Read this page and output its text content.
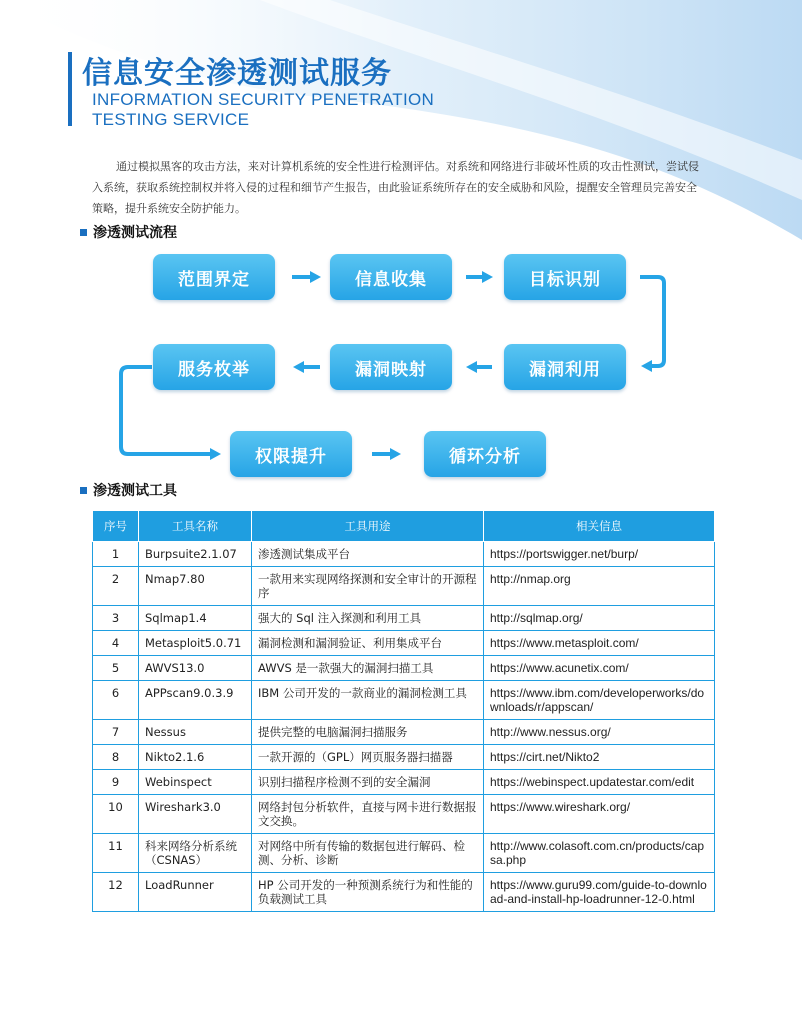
信息安全渗透测试服务
INFORMATION SECURITY PENETRATION
TESTING SERVICE
通过模拟黑客的攻击方法，来对计算机系统的安全性进行检测评估。对系统和网络进行非破坏性质的攻击性测试，尝试侵入系统，获取系统控制权并将入侵的过程和细节产生报告，由此验证系统所存在的安全威胁和风险，提醒安全管理员完善安全策略，提升系统安全防护能力。
渗透测试流程
范围界定	信息收集	目标识别
漏洞利用
漏洞映射
服务枚举
权限提升	循环分析
渗透测试工具
序号	工具名称	工具用途	相关信息
1	Burpsuite2.1.07	渗透测试集成平台	https://portswigger.net/burp/
2	Nmap7.80	一款用来实现网络探测和安全审计的开源程序	http://nmap.org
3	Sqlmap1.4	强大的 Sql 注入探测和利用工具	http://sqlmap.org/
4	Metasploit5.0.71	漏洞检测和漏洞验证、利用集成平台	https://www.metasploit.com/
5	AWVS13.0	AWVS 是一款强大的漏洞扫描工具	https://www.acunetix.com/
6	APPscan9.0.3.9	IBM 公司开发的一款商业的漏洞检测工具	https://www.ibm.com/developerworks/downloads/r/appscan/
7	Nessus	提供完整的电脑漏洞扫描服务	http://www.nessus.org/
8	Nikto2.1.6	一款开源的（GPL）网页服务器扫描器	https://cirt.net/Nikto2
9	Webinspect	识别扫描程序检测不到的安全漏洞	https://webinspect.updatestar.com/edit
10	Wireshark3.0	网络封包分析软件，直接与网卡进行数据报文交换。	https://www.wireshark.org/
11	科来网络分析系统（CSNAS）	对网络中所有传输的数据包进行解码、检测、分析、诊断	http://www.colasoft.com.cn/products/capsa.php
12	LoadRunner	HP 公司开发的一种预测系统行为和性能的负载测试工具	https://www.guru99.com/guide-to-download-and-install-hp-loadrunner-12-0.html
